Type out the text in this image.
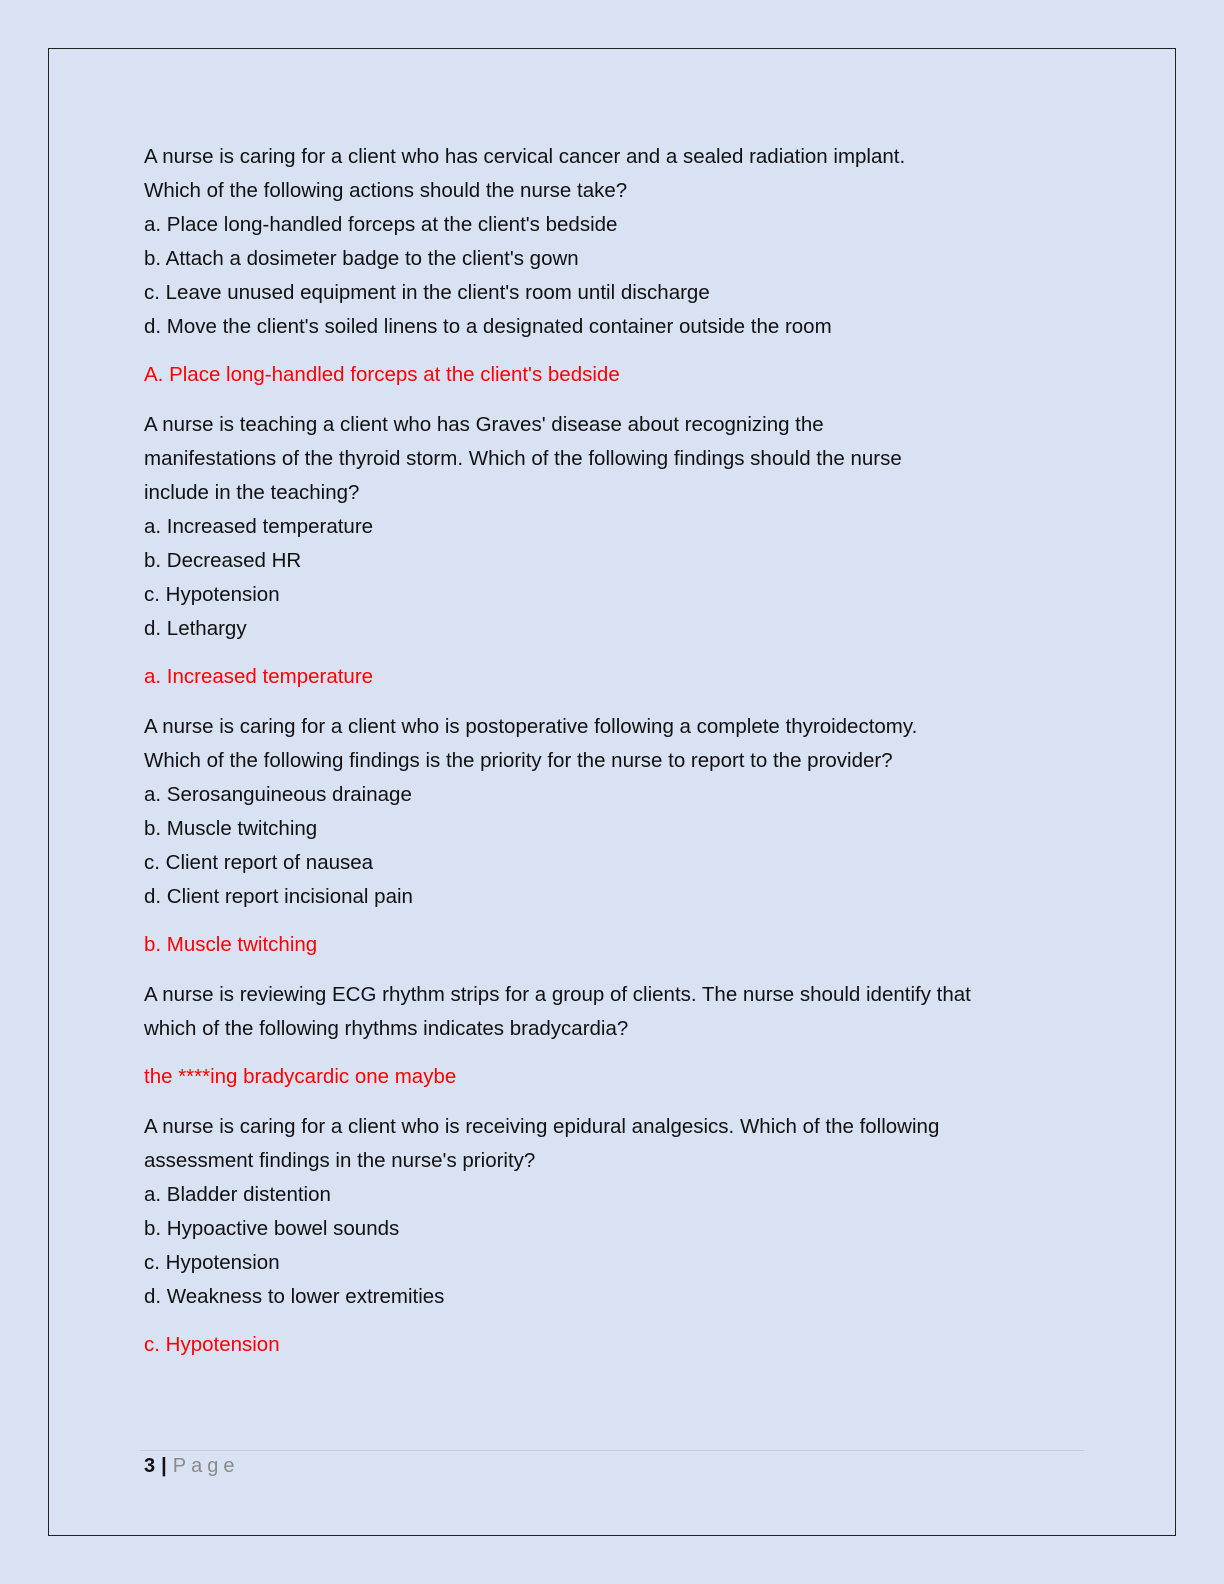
A nurse is caring for a client who has cervical cancer and a sealed radiation implant.

Which of the following actions should the nurse take?

a. Place long-handled forceps at the client's bedside

b. Attach a dosimeter badge to the client's gown

c. Leave unused equipment in the client's room until discharge

d. Move the client's soiled linens to a designated container outside the room

A. Place long-handled forceps at the client's bedside

A nurse is teaching a client who has Graves' disease about recognizing the

manifestations of the thyroid storm. Which of the following findings should the nurse

include in the teaching?

a. Increased temperature

b. Decreased HR

c. Hypotension

d. Lethargy

a. Increased temperature

A nurse is caring for a client who is postoperative following a complete thyroidectomy.

Which of the following findings is the priority for the nurse to report to the provider?

a. Serosanguineous drainage

b. Muscle twitching

c. Client report of nausea

d. Client report incisional pain

b. Muscle twitching

A nurse is reviewing ECG rhythm strips for a group of clients. The nurse should identify that

which of the following rhythms indicates bradycardia?

the ****ing bradycardic one maybe

A nurse is caring for a client who is receiving epidural analgesics. Which of the following

assessment findings in the nurse's priority?

a. Bladder distention

b. Hypoactive bowel sounds

c. Hypotension

d. Weakness to lower extremities

c. Hypotension

3 | Page
